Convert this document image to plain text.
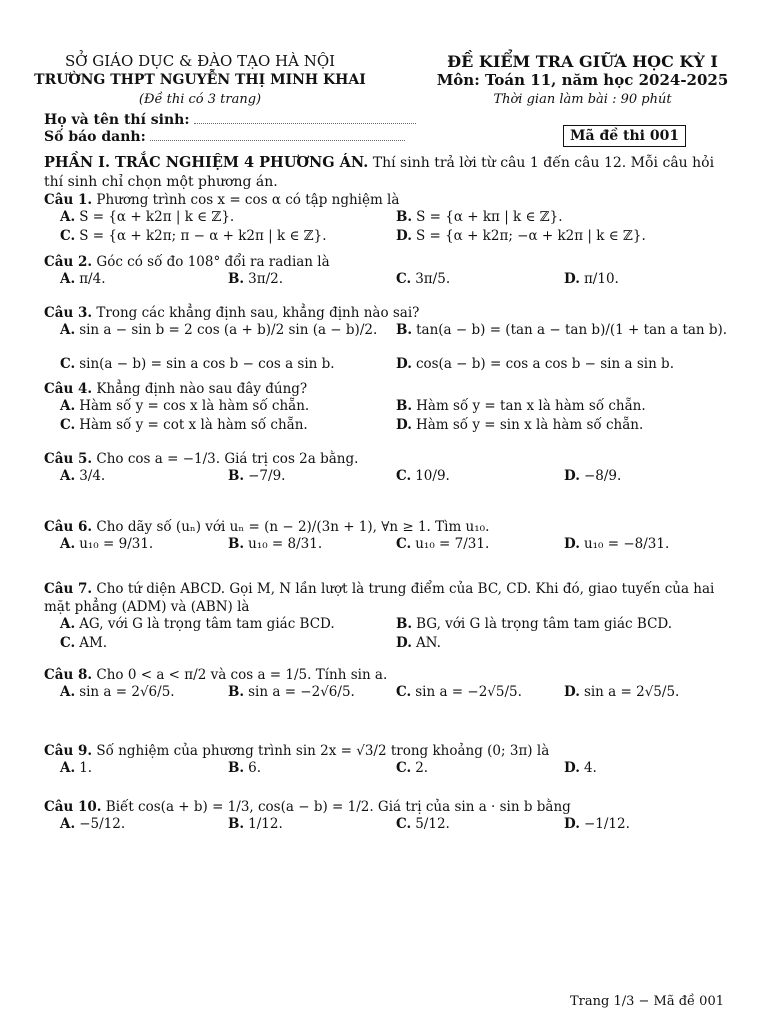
SỞ GIÁO DỤC & ĐÀO TẠO HÀ NỘI
TRƯỜNG THPT NGUYỄN THỊ MINH KHAI
(Đề thi có 3 trang)
ĐỀ KIỂM TRA GIỮA HỌC KỲ I
Môn: Toán 11, năm học 2024-2025
Thời gian làm bài : 90 phút
Họ và tên thí sinh:
Số báo danh:	Mã đề thi 001
PHẦN I. TRẮC NGHIỆM 4 PHƯƠNG ÁN. Thí sinh trả lời từ câu 1 đến câu 12. Mỗi câu hỏi thí sinh chỉ chọn một phương án.
Câu 1. Phương trình cos x = cos α có tập nghiệm là
A. S = {α + k2π | k ∈ ℤ}.	B. S = {α + kπ | k ∈ ℤ}.
C. S = {α + k2π; π − α + k2π | k ∈ ℤ}.	D. S = {α + k2π; −α + k2π | k ∈ ℤ}.
Câu 2. Góc có số đo 108° đổi ra radian là
A. π/4.	B. 3π/2.	C. 3π/5.	D. π/10.
Câu 3. Trong các khẳng định sau, khẳng định nào sai?
A. sin a − sin b = 2 cos (a + b)/2 sin (a − b)/2. B. tan(a − b) = (tan a − tan b)/(1 + tan a tan b).
C. sin(a − b) = sin a cos b − cos a sin b.	D. cos(a − b) = cos a cos b − sin a sin b.
Câu 4. Khẳng định nào sau đây đúng?
A. Hàm số y = cos x là hàm số chẵn.	B. Hàm số y = tan x là hàm số chẵn.
C. Hàm số y = cot x là hàm số chẵn.	D. Hàm số y = sin x là hàm số chẵn.
Câu 5. Cho cos a = −1/3. Giá trị cos 2a bằng.
A. 3/4.	B. −7/9.	C. 10/9.	D. −8/9.
Câu 6. Cho dãy số (uₙ) với uₙ = (n − 2)/(3n + 1), ∀n ≥ 1. Tìm u₁₀.
A. u₁₀ = 9/31.	B. u₁₀ = 8/31.	C. u₁₀ = 7/31.	D. u₁₀ = −8/31.
Câu 7. Cho tứ diện ABCD. Gọi M, N lần lượt là trung điểm của BC, CD. Khi đó, giao tuyến của hai mặt phẳng (ADM) và (ABN) là
A. AG, với G là trọng tâm tam giác BCD.	B. BG, với G là trọng tâm tam giác BCD.
C. AM.	D. AN.
Câu 8. Cho 0 < a < π/2 và cos a = 1/5. Tính sin a.
A. sin a = 2√6/5.	B. sin a = −2√6/5.	C. sin a = −2√5/5.	D. sin a = 2√5/5.
Câu 9. Số nghiệm của phương trình sin 2x = √3/2 trong khoảng (0; 3π) là
A. 1.	B. 6.	C. 2.	D. 4.
Câu 10. Biết cos(a + b) = 1/3, cos(a − b) = 1/2. Giá trị của sin a · sin b bằng
A. −5/12.	B. 1/12.	C. 5/12.	D. −1/12.
Trang 1/3 − Mã đề 001
